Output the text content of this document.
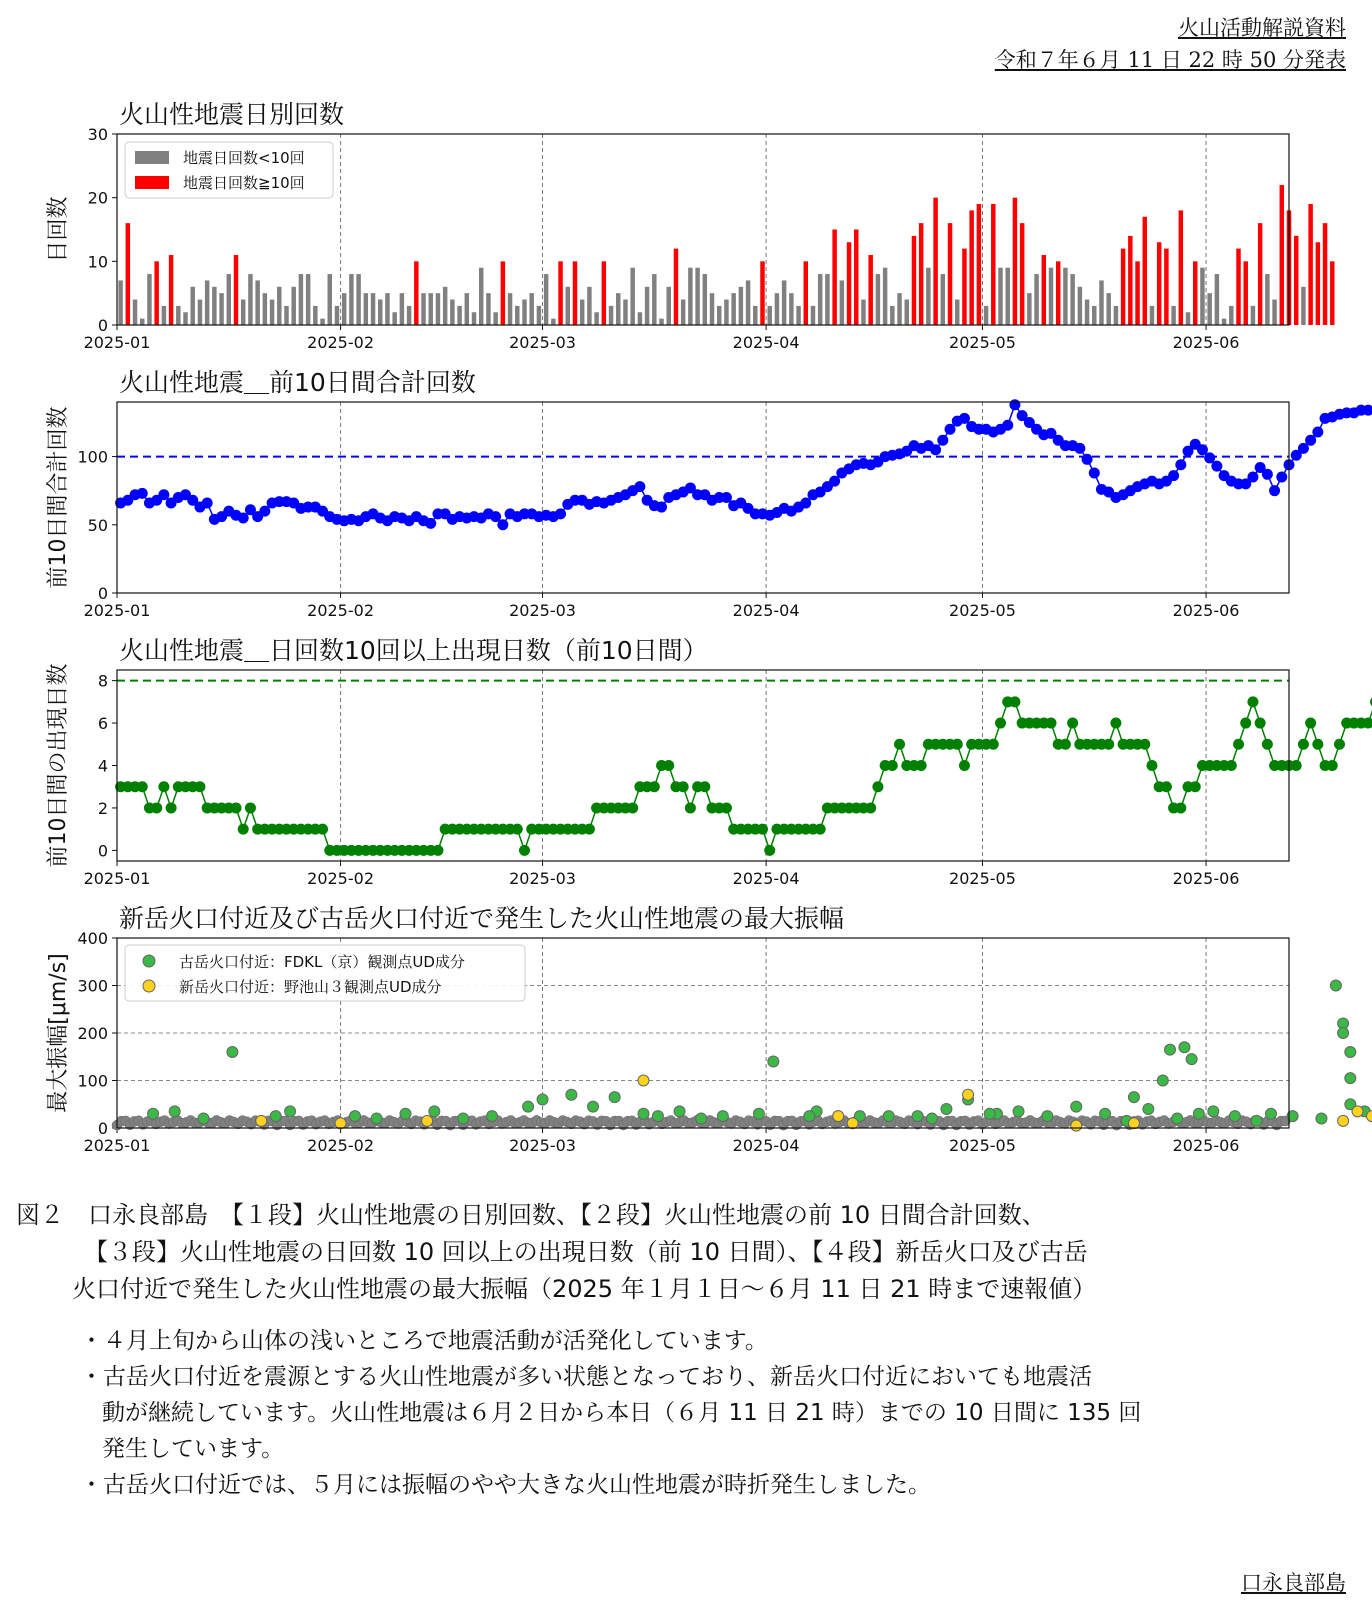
火山活動解説資料
令和７年６月 11 日 22 時 50 分発表
火山性地震日別回数
日回数
2025-01	2025-02	2025-03	2025-04	2025-05	2025-06
0
10
20
30
地震日回数<10回
地震日回数≧10回
火山性地震＿前10日間合計回数
前10日間合計回数
2025-01	2025-02	2025-03	2025-04	2025-05	2025-06
0
50
100
火山性地震＿日回数10回以上出現日数（前10日間）
前10日間の出現日数
2025-01	2025-02	2025-03	2025-04	2025-05	2025-06
0
2
4
6
8
新岳火口付近及び古岳火口付近で発生した火山性地震の最大振幅
最大振幅[μm/s]
2025-01	2025-02	2025-03	2025-04	2025-05	2025-06
0
100
200
300
400
古岳火口付近：FDKL（京）観測点UD成分
新岳火口付近：野池山３観測点UD成分
図２　口永良部島　【１段】火山性地震の日別回数、【２段】火山性地震の前 10 日間合計回数、
【３段】火山性地震の日回数 10 回以上の出現日数（前 10 日間）、【４段】新岳火口及び古岳
火口付近で発生した火山性地震の最大振幅（2025 年１月１日～６月 11 日 21 時まで速報値）
・４月上旬から山体の浅いところで地震活動が活発化しています。
・古岳火口付近を震源とする火山性地震が多い状態となっており、新岳火口付近においても地震活
動が継続しています。火山性地震は６月２日から本日（６月 11 日 21 時）までの 10 日間に 135 回
発生しています。
・古岳火口付近では、５月には振幅のやや大きな火山性地震が時折発生しました。
口永良部島
